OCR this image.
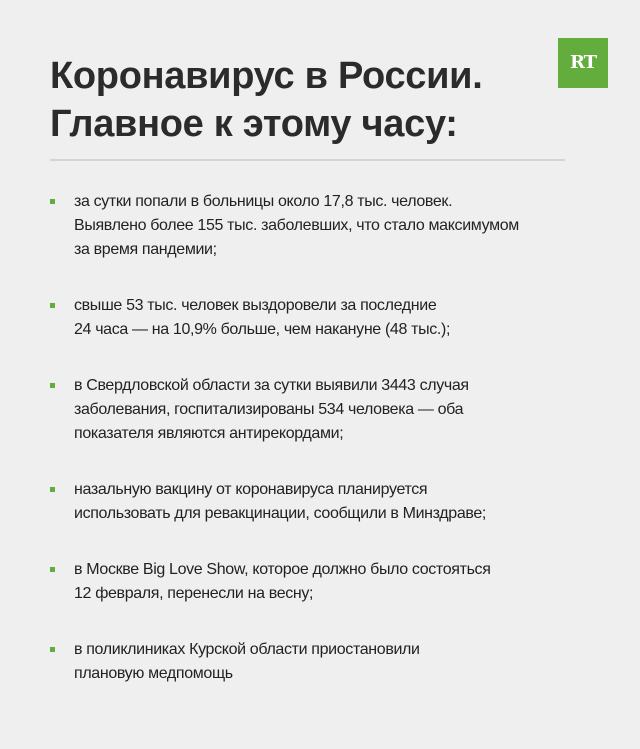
Коронавирус в России.
Главное к этому часу:
RT
за сутки попали в больницы около 17,8 тыс. человек.
Выявлено более 155 тыс. заболевших, что стало максимумом
за время пандемии;
свыше 53 тыс. человек выздоровели за последние
24 часа — на 10,9% больше, чем накануне (48 тыс.);
в Свердловской области за сутки выявили 3443 случая
заболевания, госпитализированы 534 человека — оба
показателя являются антирекордами;
назальную вакцину от коронавируса планируется
использовать для ревакцинации, сообщили в Минздраве;
в Москве Big Love Show, которое должно было состояться
12 февраля, перенесли на весну;
в поликлиниках Курской области приостановили
плановую медпомощь
